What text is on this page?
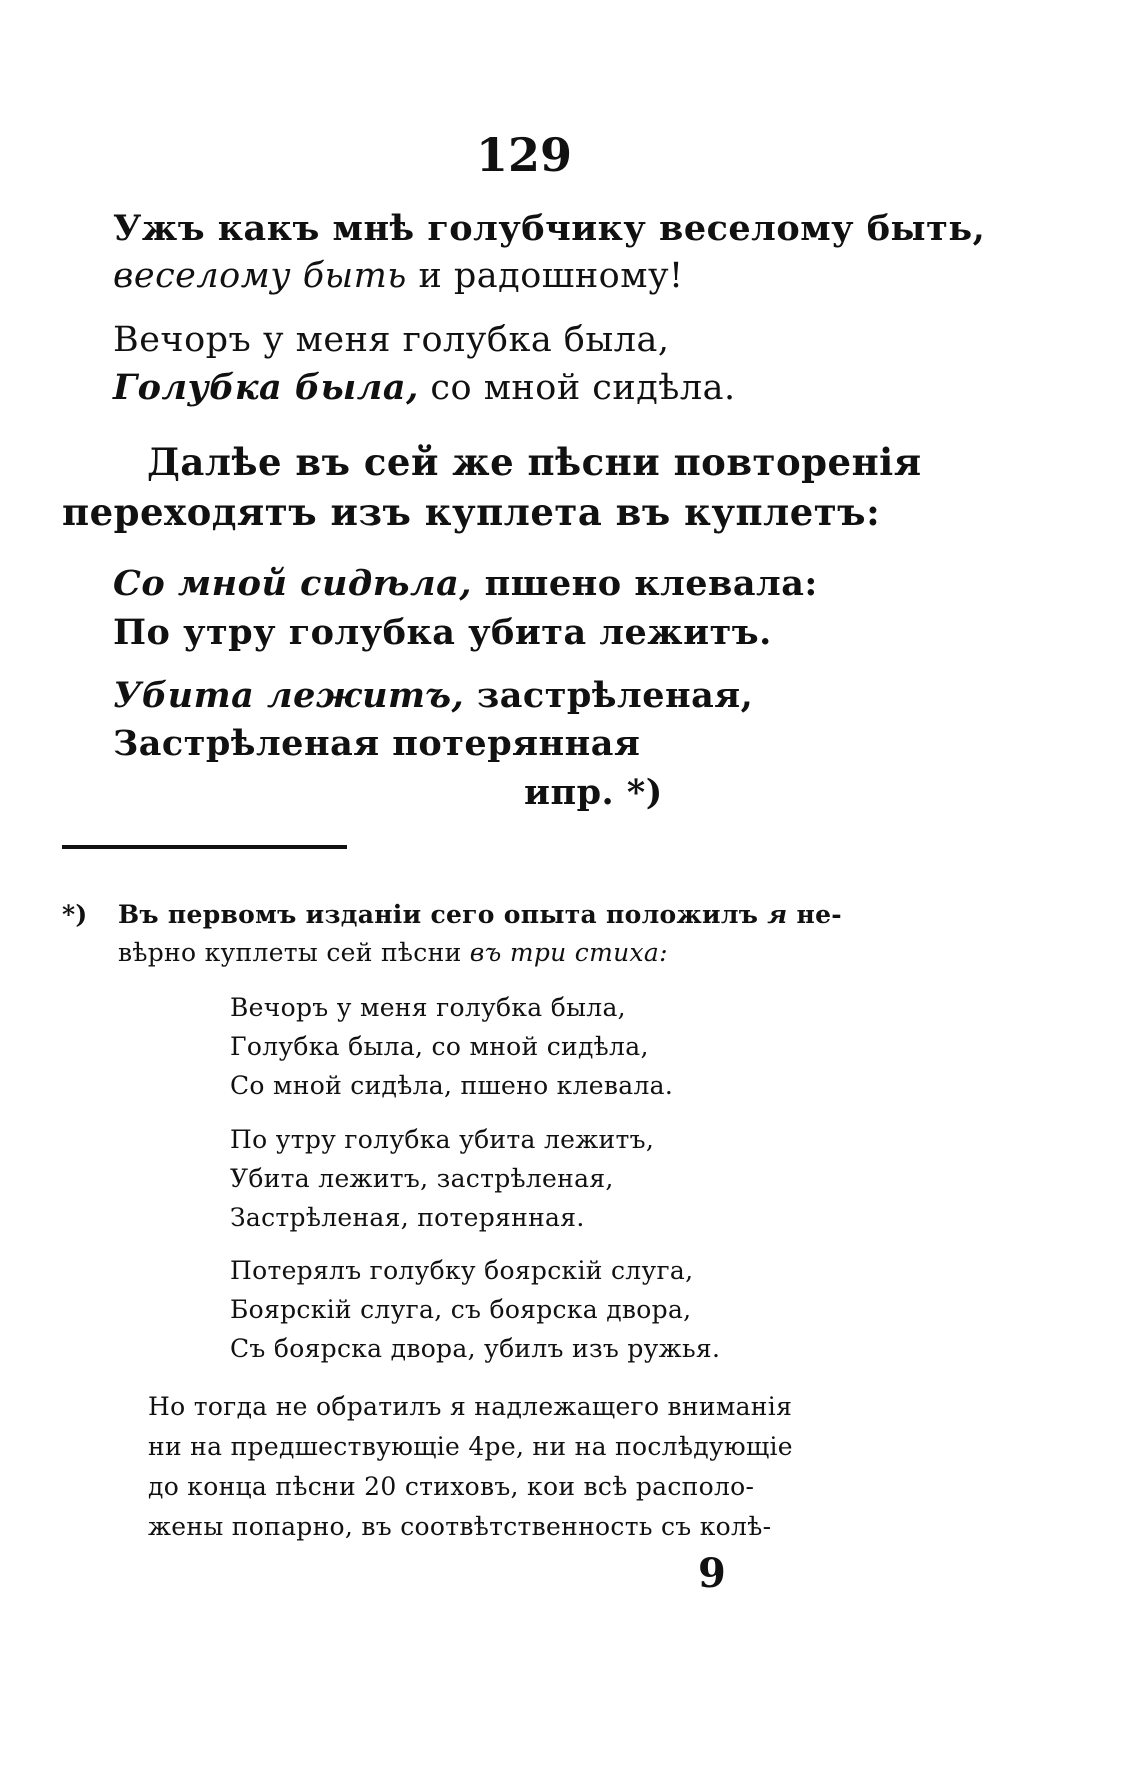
129
Ужъ какъ мнѣ голубчику веселому быть,
веселому быть и радошному!
Вечоръ у меня голубка была,
Голубка была, со мной сидѣла.
Далѣе въ сей же пѣсни повторенія
переходятъ изъ куплета въ куплетъ:
Со мной сидѣла, пшено клевала:
По утру голубка убита лежитъ.
Убита лежитъ, застрѣленая,
Застрѣленая потерянная
ипр. *)
*) Въ первомъ изданіи сего опыта положилъ я не-
вѣрно куплеты сей пѣсни въ три стиха:
Вечоръ у меня голубка была,
Голубка была, со мной сидѣла,
Со мной сидѣла, пшено клевала.
По утру голубка убита лежитъ,
Убита лежитъ, застрѣленая,
Застрѣленая, потерянная.
Потерялъ голубку боярскій слуга,
Боярскій слуга, съ боярска двора,
Съ боярска двора, убилъ изъ ружья.
Но тогда не обратилъ я надлежащего вниманія
ни на предшествующіе 4ре, ни на послѣдующіе
до конца пѣсни 20 стиховъ, кои всѣ располо-
жены попарно, въ соотвѣтственность съ колѣ-
9
